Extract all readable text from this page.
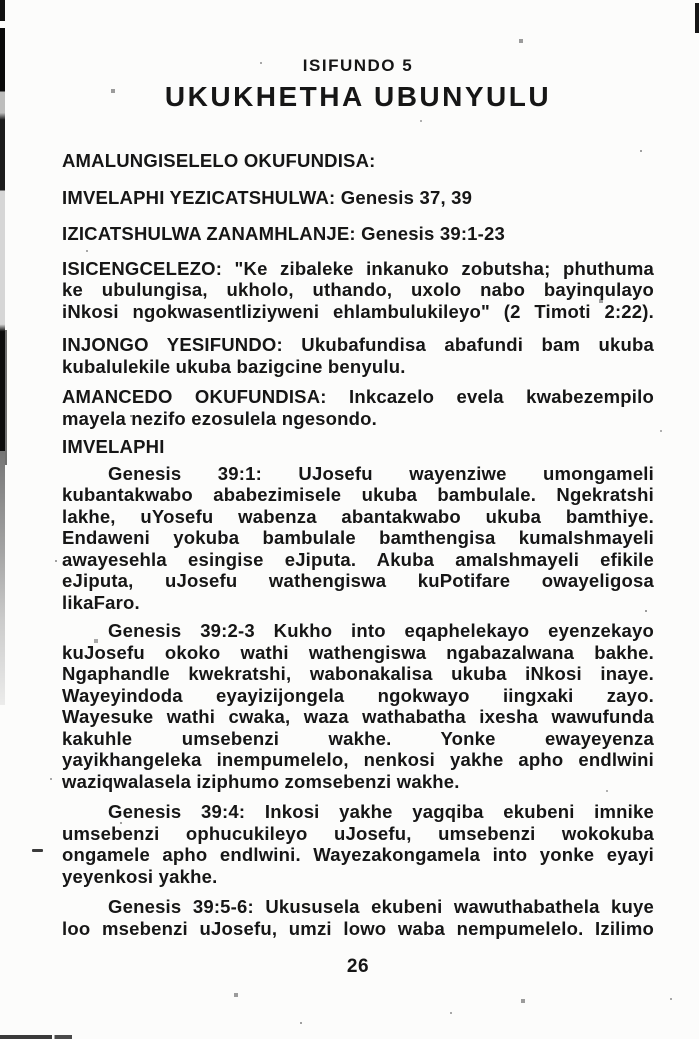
ISIFUNDO 5
UKUKHETHA UBUNYULU
AMALUNGISELELO OKUFUNDISA:
IMVELAPHI YEZICATSHULWA: Genesis 37, 39
IZICATSHULWA ZANAMHLANJE: Genesis 39:1-23
ISICENGCELEZO: "Ke zibaleke inkanuko zobutsha; phuthuma
ke ubulungisa, ukholo, uthando, uxolo nabo bayinqulayo
iNkosi ngokwasentliziyweni ehlambulukileyo" (2 Timoti 2:22).
INJONGO YESIFUNDO: Ukubafundisa abafundi bam ukuba
kubalulekile ukuba bazigcine benyulu.
AMANCEDO OKUFUNDISA: Inkcazelo evela kwabezempilo
mayela nezifo ezosulela ngesondo.
IMVELAPHI
Genesis 39:1: UJosefu wayenziwe umongameli
kubantakwabo ababezimisele ukuba bambulale. Ngekratshi
lakhe, uYosefu wabenza abantakwabo ukuba bamthiye.
Endaweni yokuba bambulale bamthengisa kumaIshmayeli
awayesehla esingise eJiputa. Akuba amaIshmayeli efikile
eJiputa, uJosefu wathengiswa kuPotifare owayeligosa
likaFaro.
Genesis 39:2-3 Kukho into eqaphelekayo eyenzekayo
kuJosefu okoko wathi wathengiswa ngabazalwana bakhe.
Ngaphandle kwekratshi, wabonakalisa ukuba iNkosi inaye.
Wayeyindoda eyayizijongela ngokwayo iingxaki zayo.
Wayesuke wathi cwaka, waza wathabatha ixesha wawufunda
kakuhle umsebenzi wakhe. Yonke ewayeyenza
yayikhangeleka inempumelelo, nenkosi yakhe apho endlwini
waziqwalasela iziphumo zomsebenzi wakhe.
Genesis 39:4: Inkosi yakhe yagqiba ekubeni imnike
umsebenzi ophucukileyo uJosefu, umsebenzi wokokuba
ongamele apho endlwini. Wayezakongamela into yonke eyayi
yeyenkosi yakhe.
Genesis 39:5-6: Ukususela ekubeni wawuthabathela kuye
loo msebenzi uJosefu, umzi lowo waba nempumelelo. Izilimo
26
